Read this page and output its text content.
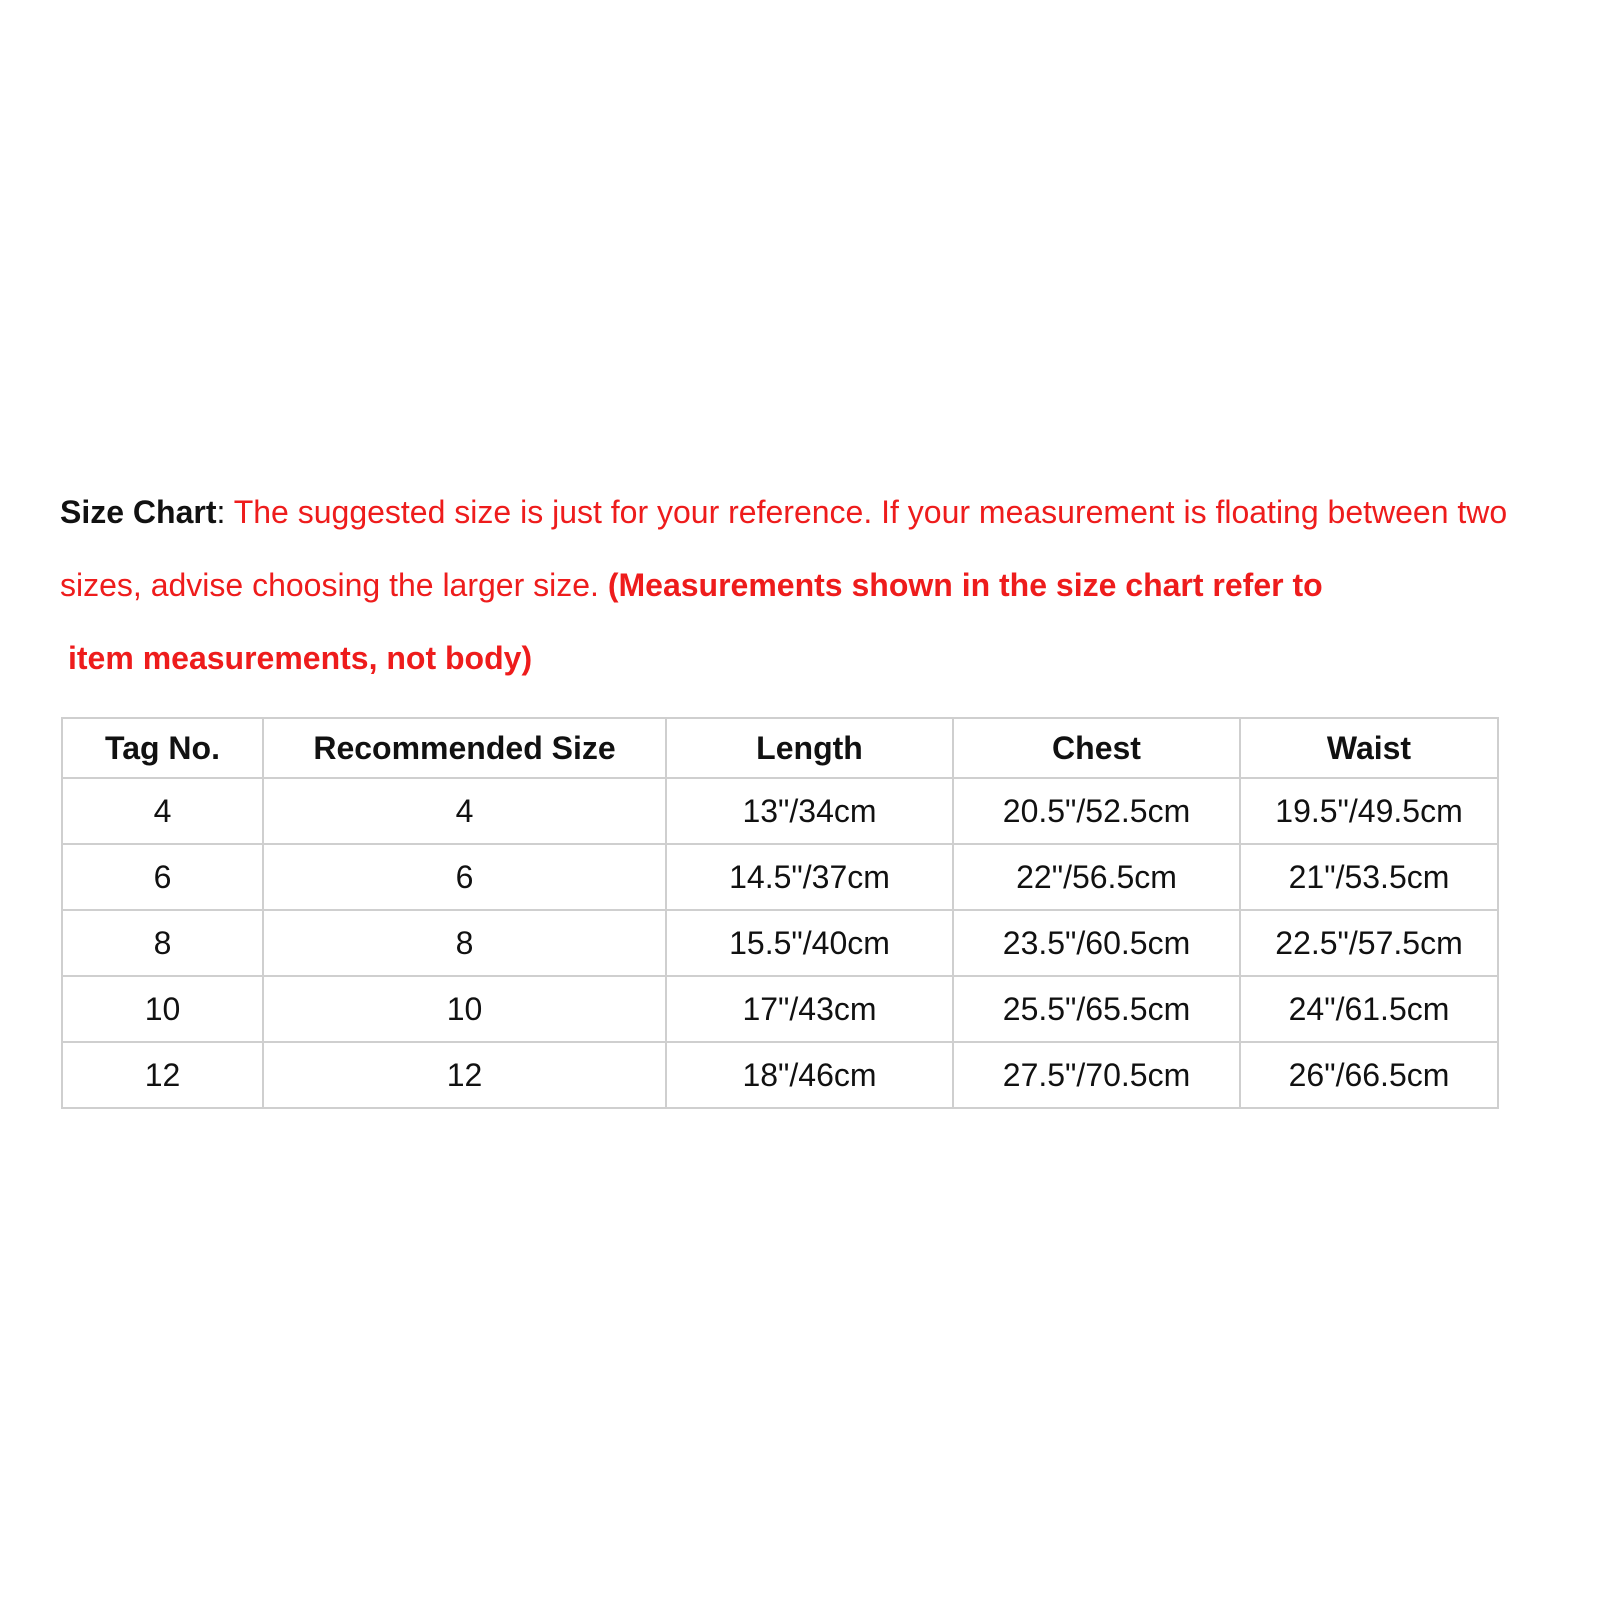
Size Chart: The suggested size is just for your reference. If your measurement is floating between two sizes, advise choosing the larger size. (Measurements shown in the size chart refer to
item measurements, not body)

Tag No.	Recommended Size	Length	Chest	Waist
4	4	13"/34cm	20.5"/52.5cm	19.5"/49.5cm
6	6	14.5"/37cm	22"/56.5cm	21"/53.5cm
8	8	15.5"/40cm	23.5"/60.5cm	22.5"/57.5cm
10	10	17"/43cm	25.5"/65.5cm	24"/61.5cm
12	12	18"/46cm	27.5"/70.5cm	26"/66.5cm
